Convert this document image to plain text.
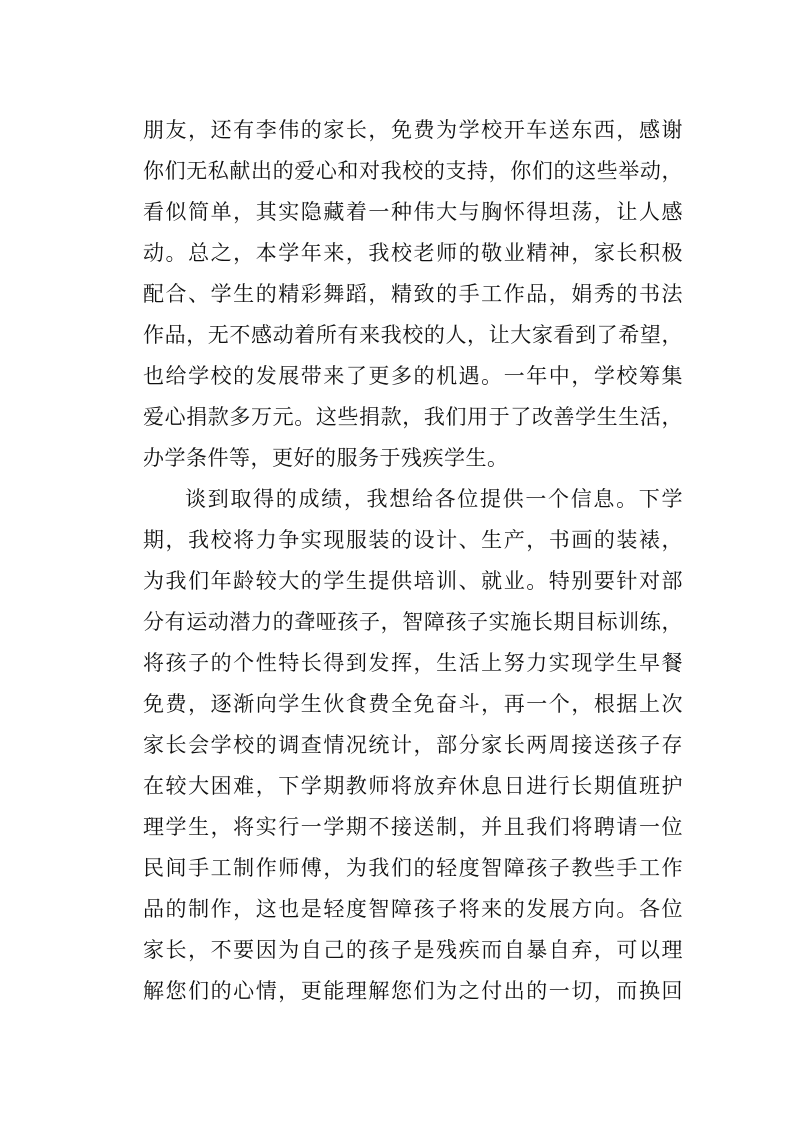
朋友，还有李伟的家长，免费为学校开车送东西，感谢
你们无私献出的爱心和对我校的支持，你们的这些举动，
看似简单，其实隐藏着一种伟大与胸怀得坦荡，让人感
动。总之，本学年来，我校老师的敬业精神，家长积极
配合、学生的精彩舞蹈，精致的手工作品，娟秀的书法
作品，无不感动着所有来我校的人，让大家看到了希望，
也给学校的发展带来了更多的机遇。一年中，学校筹集
爱心捐款多万元。这些捐款，我们用于了改善学生生活，
办学条件等，更好的服务于残疾学生。
谈到取得的成绩，我想给各位提供一个信息。下学
期，我校将力争实现服装的设计、生产，书画的装裱，
为我们年龄较大的学生提供培训、就业。特别要针对部
分有运动潜力的聋哑孩子，智障孩子实施长期目标训练，
将孩子的个性特长得到发挥，生活上努力实现学生早餐
免费，逐渐向学生伙食费全免奋斗，再一个，根据上次
家长会学校的调查情况统计，部分家长两周接送孩子存
在较大困难，下学期教师将放弃休息日进行长期值班护
理学生，将实行一学期不接送制，并且我们将聘请一位
民间手工制作师傅，为我们的轻度智障孩子教些手工作
品的制作，这也是轻度智障孩子将来的发展方向。各位
家长，不要因为自己的孩子是残疾而自暴自弃，可以理
解您们的心情，更能理解您们为之付出的一切，而换回
